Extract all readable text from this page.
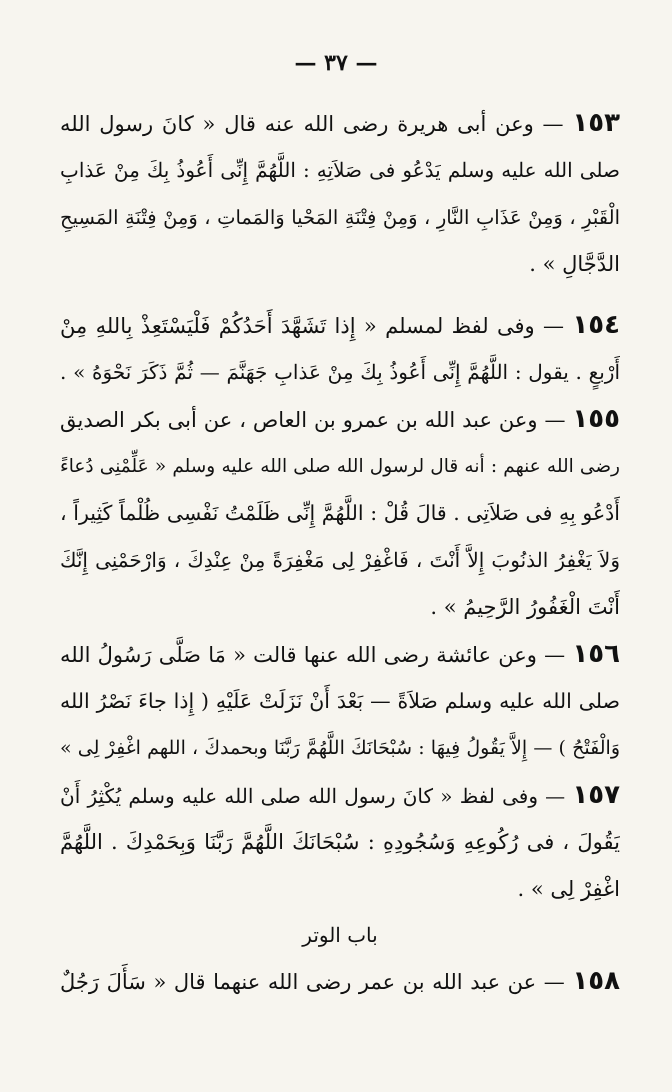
— ٣٧ —
١٥٣ — وعن أبى هريرة رضى الله عنه قال « كانَ رسول الله
صلى الله عليه وسلم يَدْعُو فى صَلاَتِهِ : اللَّهُمَّ إِنِّى أَعُوذُ بِكَ مِنْ عَذابِ
الْقَبْرِ ، وَمِنْ عَذَابِ النَّارِ ، وَمِنْ فِتْنَةِ المَحْيا وَالمَماتِ ، وَمِنْ فِتْنَةِ المَسِيحِ
الدَّجَّالِ » .
١٥٤ — وفى لفظ لمسلم « إِذا تَشَهَّدَ أَحَدُكُمْ فَلْيَسْتَعِذْ بِاللهِ مِنْ
أَرْبعٍ . يقول : اللَّهُمَّ إِنِّى أَعُوذُ بِكَ مِنْ عَذابِ جَهَنَّمَ — ثُمَّ ذَكَرَ نَحْوَهُ » .
١٥٥ — وعن عبد الله بن عمرو بن العاص ، عن أبى بكر الصديق
رضى الله عنهم : أنه قال لرسول الله صلى الله عليه وسلم « عَلِّمْنِى دُعاءً
أَدْعُو بِهِ فى صَلاَتِى . قالَ قُلْ : اللَّهُمَّ إِنِّى ظَلَمْتُ نَفْسِى ظُلْماً كَثِيراً ،
وَلاَ يَغْفِرُ الذنُوبَ إِلاَّ أَنْتَ ، فَاغْفِرْ لِى مَغْفِرَةً مِنْ عِنْدِكَ ، وَارْحَمْنِى إِنَّكَ
أَنْتَ الْغَفُورُ الرَّحِيمُ » .
١٥٦ — وعن عائشة رضى الله عنها قالت « مَا صَلَّى رَسُولُ الله
صلى الله عليه وسلم صَلاَةً — بَعْدَ أَنْ نَزَلَتْ عَلَيْهِ ( إِذا جاءَ نَصْرُ الله
وَالْفَتْحُ ) — إِلاَّ يَقُولُ فِيهَا : سُبْحَانَكَ اللَّهُمَّ رَبَّنَا وبحمدكَ ، اللهم اغْفِرْ لِى »
١٥٧ — وفى لفظ « كانَ رسول الله صلى الله عليه وسلم يُكْثِرُ أَنْ
يَقُولَ ، فى رُكُوعِهِ وَسُجُودِهِ : سُبْحَانَكَ اللَّهُمَّ رَبَّنَا وَبِحَمْدِكَ . اللَّهُمَّ
اغْفِرْ لِى » .
باب الوتر
١٥٨ — عن عبد الله بن عمر رضى الله عنهما قال « سَأَلَ رَجُلٌ
